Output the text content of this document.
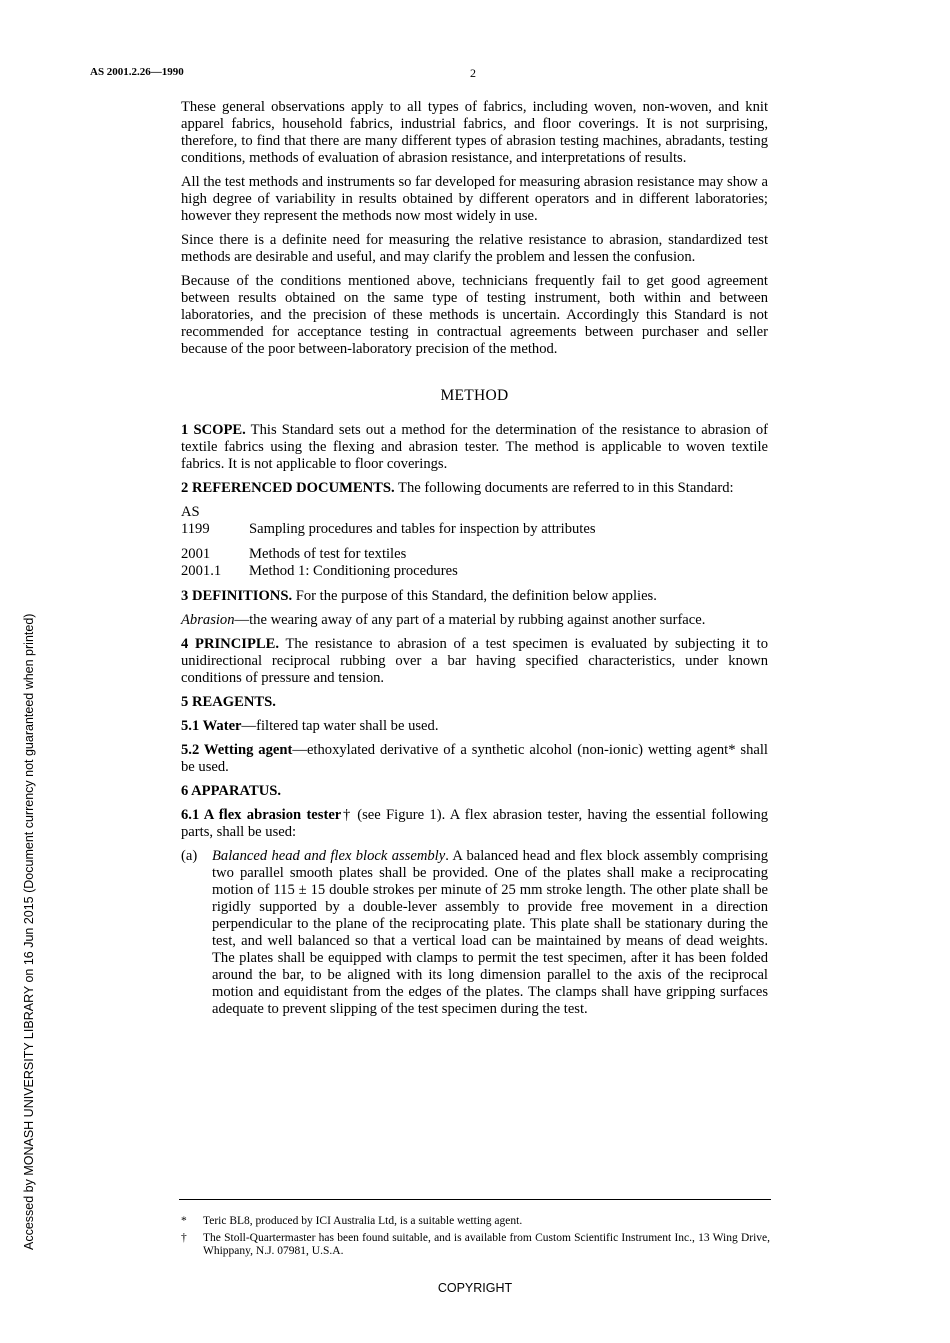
AS 2001.2.26—1990	2
Accessed by MONASH UNIVERSITY LIBRARY on 16 Jun 2015 (Document currency not guaranteed when printed)

These general observations apply to all types of fabrics, including woven, non-woven, and knit apparel fabrics, household fabrics, industrial fabrics, and floor coverings. It is not surprising, therefore, to find that there are many different types of abrasion testing machines, abradants, testing conditions, methods of evaluation of abrasion resistance, and interpretations of results.

All the test methods and instruments so far developed for measuring abrasion resistance may show a high degree of variability in results obtained by different operators and in different laboratories; however they represent the methods now most widely in use.

Since there is a definite need for measuring the relative resistance to abrasion, standardized test methods are desirable and useful, and may clarify the problem and lessen the confusion.

Because of the conditions mentioned above, technicians frequently fail to get good agreement between results obtained on the same type of testing instrument, both within and between laboratories, and the precision of these methods is uncertain. Accordingly this Standard is not recommended for acceptance testing in contractual agreements between purchaser and seller because of the poor between-laboratory precision of the method.

METHOD

1 SCOPE. This Standard sets out a method for the determination of the resistance to abrasion of textile fabrics using the flexing and abrasion tester. The method is applicable to woven textile fabrics. It is not applicable to floor coverings.

2 REFERENCED DOCUMENTS. The following documents are referred to in this Standard:

AS	
1199	Sampling procedures and tables for inspection by attributes

2001	Methods of test for textiles
2001.1	Method 1: Conditioning procedures

3 DEFINITIONS. For the purpose of this Standard, the definition below applies.

Abrasion—the wearing away of any part of a material by rubbing against another surface.

4 PRINCIPLE. The resistance to abrasion of a test specimen is evaluated by subjecting it to unidirectional reciprocal rubbing over a bar having specified characteristics, under known conditions of pressure and tension.

5 REAGENTS.

5.1 Water—filtered tap water shall be used.

5.2 Wetting agent—ethoxylated derivative of a synthetic alcohol (non-ionic) wetting agent* shall be used.

6 APPARATUS.

6.1 A flex abrasion tester† (see Figure 1). A flex abrasion tester, having the essential following parts, shall be used:

(a)	Balanced head and flex block assembly. A balanced head and flex block assembly comprising two parallel smooth plates shall be provided. One of the plates shall make a reciprocating motion of 115 ± 15 double strokes per minute of 25 mm stroke length. The other plate shall be rigidly supported by a double-lever assembly to provide free movement in a direction perpendicular to the plane of the reciprocating plate. This plate shall be stationary during the test, and well balanced so that a vertical load can be maintained by means of dead weights. The plates shall be equipped with clamps to permit the test specimen, after it has been folded around the bar, to be aligned with its long dimension parallel to the axis of the reciprocal motion and equidistant from the edges of the plates. The clamps shall have gripping surfaces adequate to prevent slipping of the test specimen during the test.
*	Teric BL8, produced by ICI Australia Ltd, is a suitable wetting agent.
†	The Stoll-Quartermaster has been found suitable, and is available from Custom Scientific Instrument Inc., 13 Wing Drive, Whippany, N.J. 07981, U.S.A.
COPYRIGHT
